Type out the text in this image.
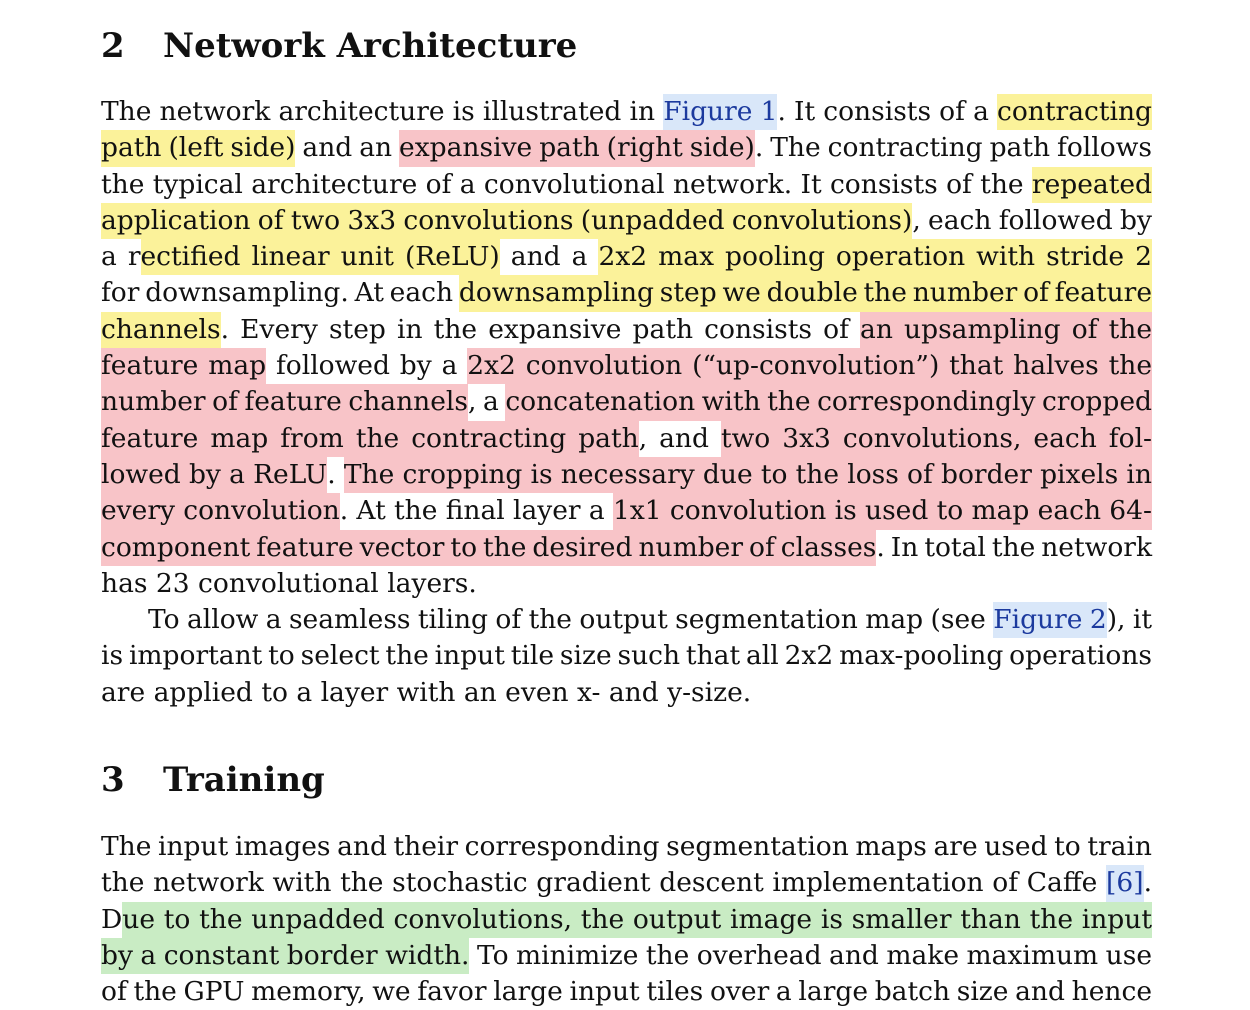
2 Network Architecture
The network architecture is illustrated in Figure 1 . It consists of a contracting
path (left side) and an expansive path (right side) . The contracting path follows
the typical architecture of a convolutional network. It consists of the repeated
application of two 3x3 convolutions (unpadded convolutions) , each followed by
a r ectified linear unit (ReLU) and a 2x2 max pooling operation with stride 2
for downsampling. At each downsampling step we double the number of feature
channels . Every step in the expansive path consists of an upsampling of the
feature map followed by a 2x2 convolution (“up-convolution”) that halves the
number of feature channels , a concatenation with the correspondingly cropped
feature map from the contracting path , and two 3x3 convolutions, each fol-
lowed by a ReLU . The cropping is necessary due to the loss of border pixels in
every convolution . At the final layer a 1x1 convolution is used to map each 64-
component feature vector to the desired number of classes . In total the network
has 23 convolutional layers.
To allow a seamless tiling of the output segmentation map (see Figure 2 ), it
is important to select the input tile size such that all 2x2 max-pooling operations
are applied to a layer with an even x- and y-size.
3 Training
The input images and their corresponding segmentation maps are used to train
the network with the stochastic gradient descent implementation of Caffe [6] .
D ue to the unpadded convolutions, the output image is smaller than the input
by a constant border width. To minimize the overhead and make maximum use
of the GPU memory, we favor large input tiles over a large batch size and hence
